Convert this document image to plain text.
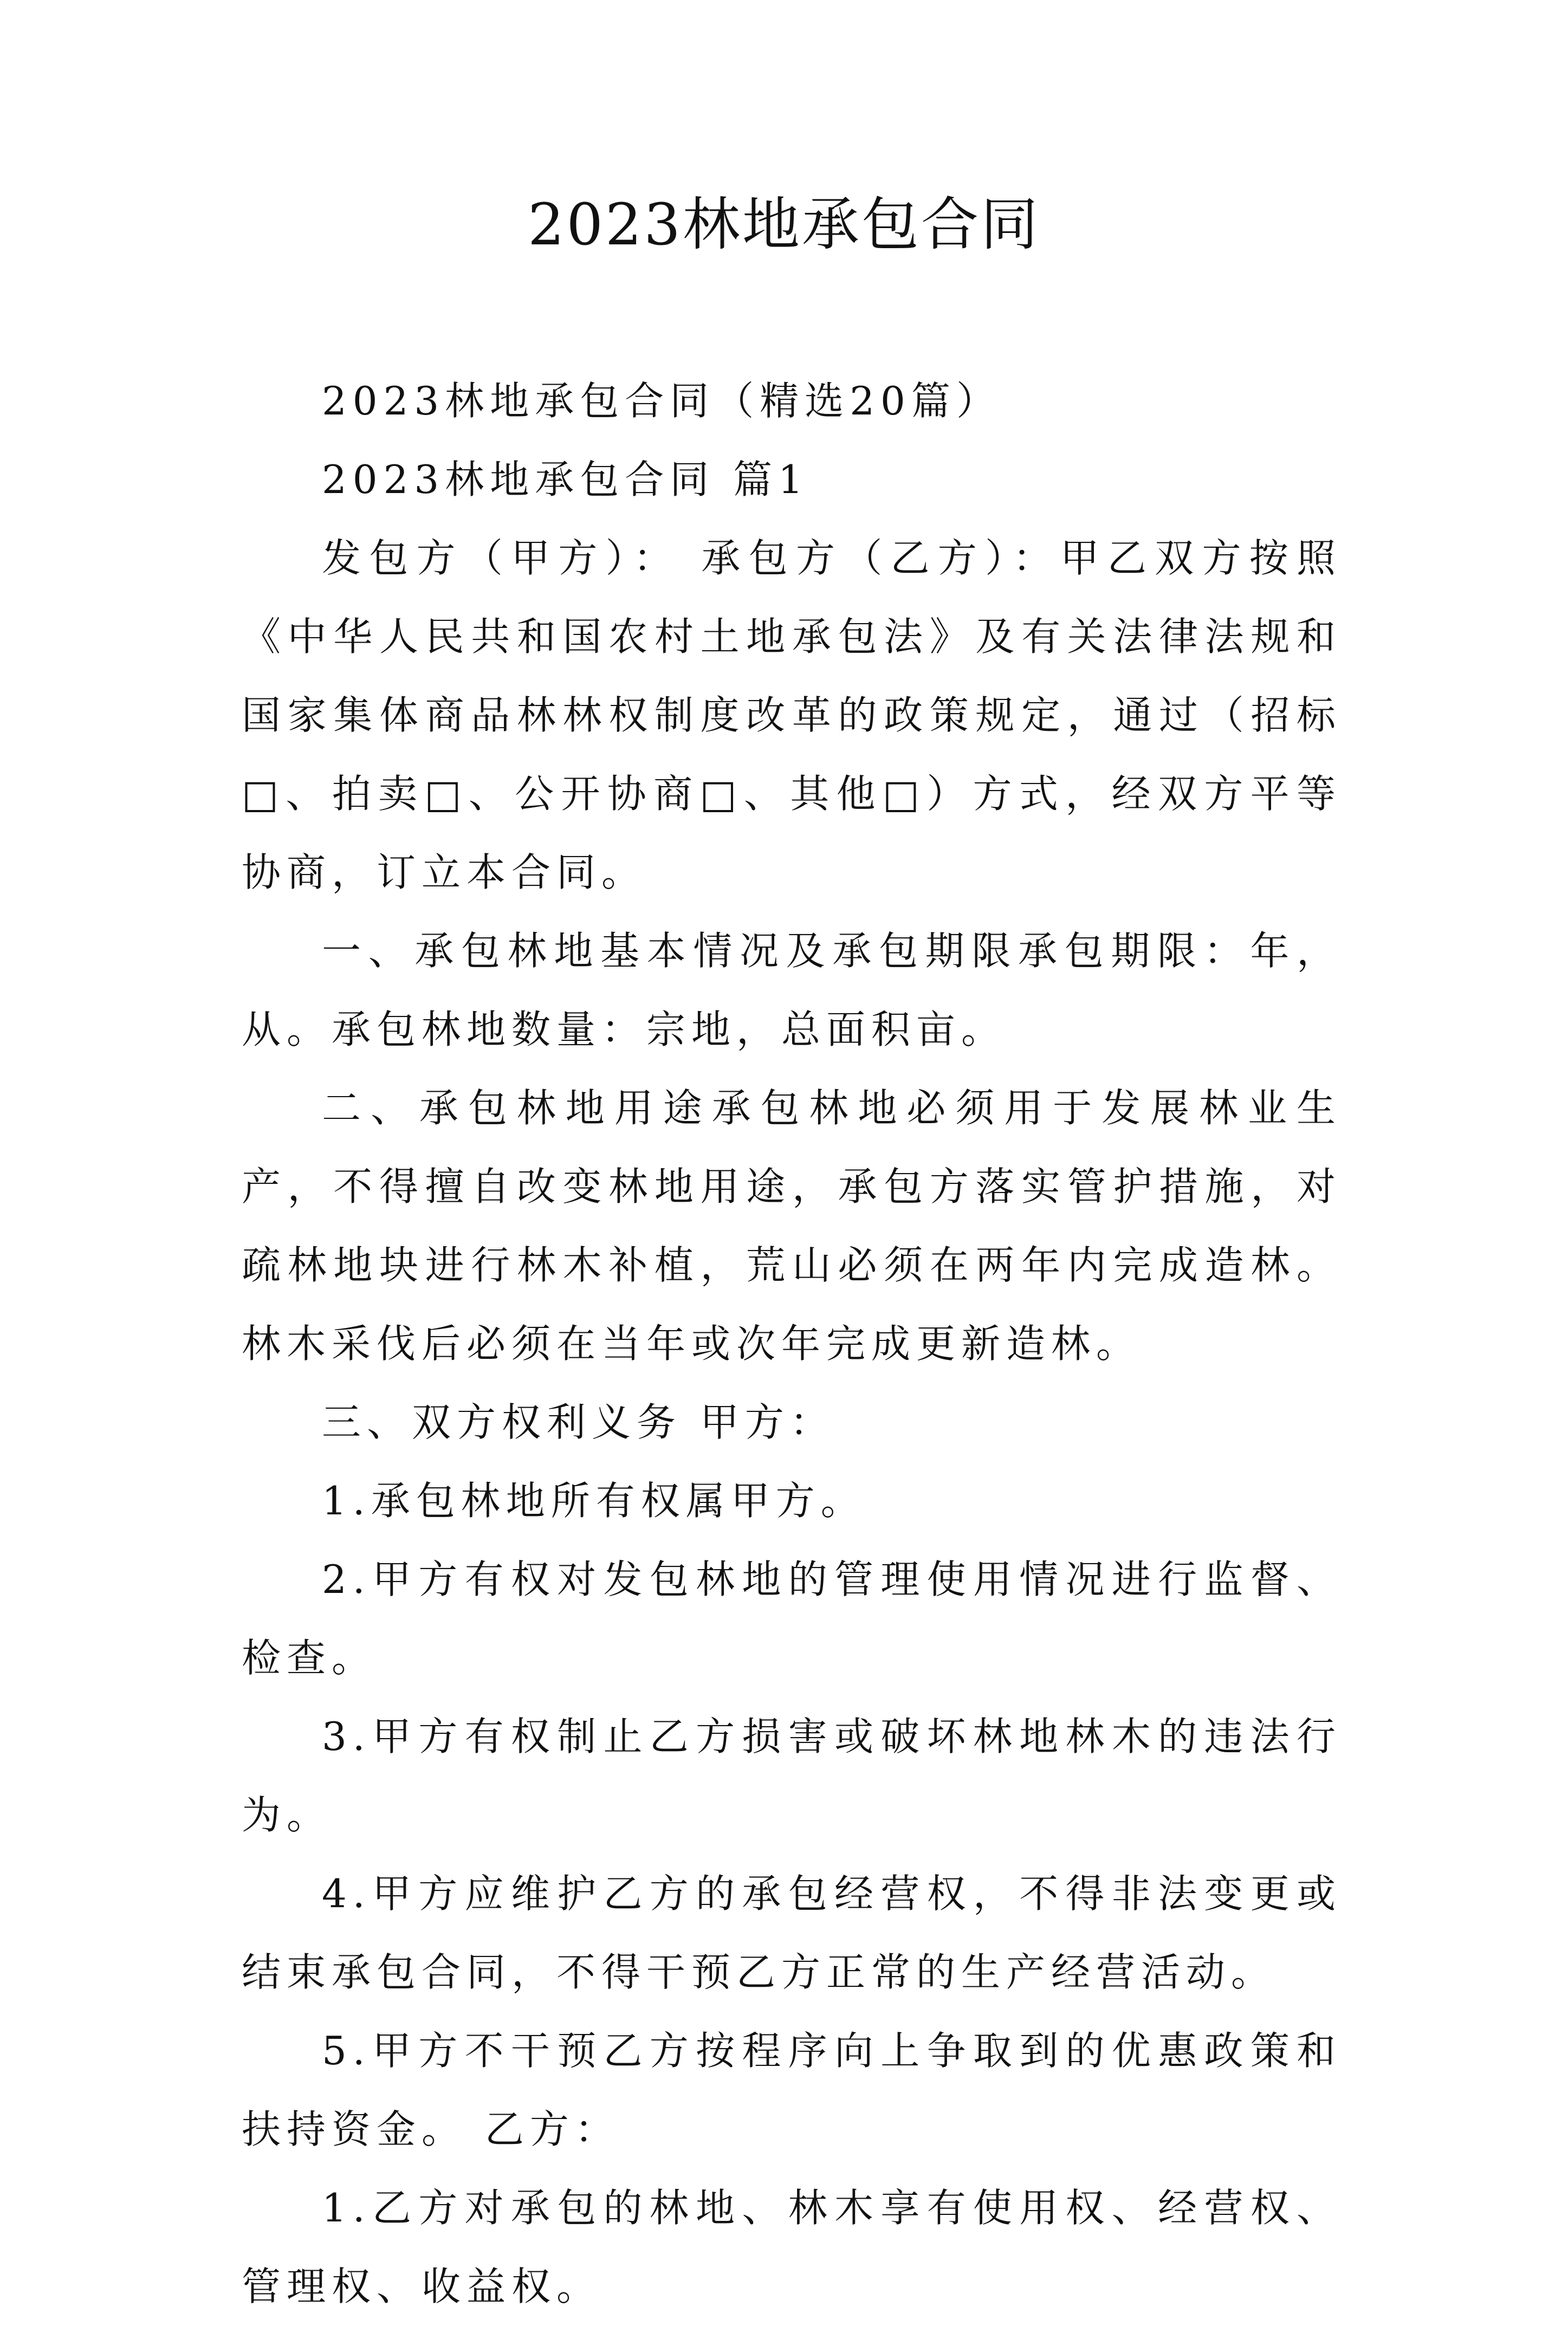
2023林地承包合同

2023林地承包合同（精选20篇）

2023林地承包合同 篇1

发包方（甲方）： 承包方（乙方）：甲乙双方按照《中华人民共和国农村土地承包法》及有关法律法规和国家集体商品林林权制度改革的政策规定，通过（招标□、拍卖□、公开协商□、其他□）方式，经双方平等协商，订立本合同。

一、承包林地基本情况及承包期限承包期限：年，从。承包林地数量：宗地，总面积亩。

二、承包林地用途承包林地必须用于发展林业生产，不得擅自改变林地用途，承包方落实管护措施，对疏林地块进行林木补植，荒山必须在两年内完成造林。林木采伐后必须在当年或次年完成更新造林。

三、双方权利义务 甲方：

1.承包林地所有权属甲方。

2.甲方有权对发包林地的管理使用情况进行监督、检查。

3.甲方有权制止乙方损害或破坏林地林木的违法行为。

4.甲方应维护乙方的承包经营权，不得非法变更或结束承包合同，不得干预乙方正常的生产经营活动。

5.甲方不干预乙方按程序向上争取到的优惠政策和扶持资金。 乙方：

1.乙方对承包的林地、林木享有使用权、经营权、管理权、收益权。
